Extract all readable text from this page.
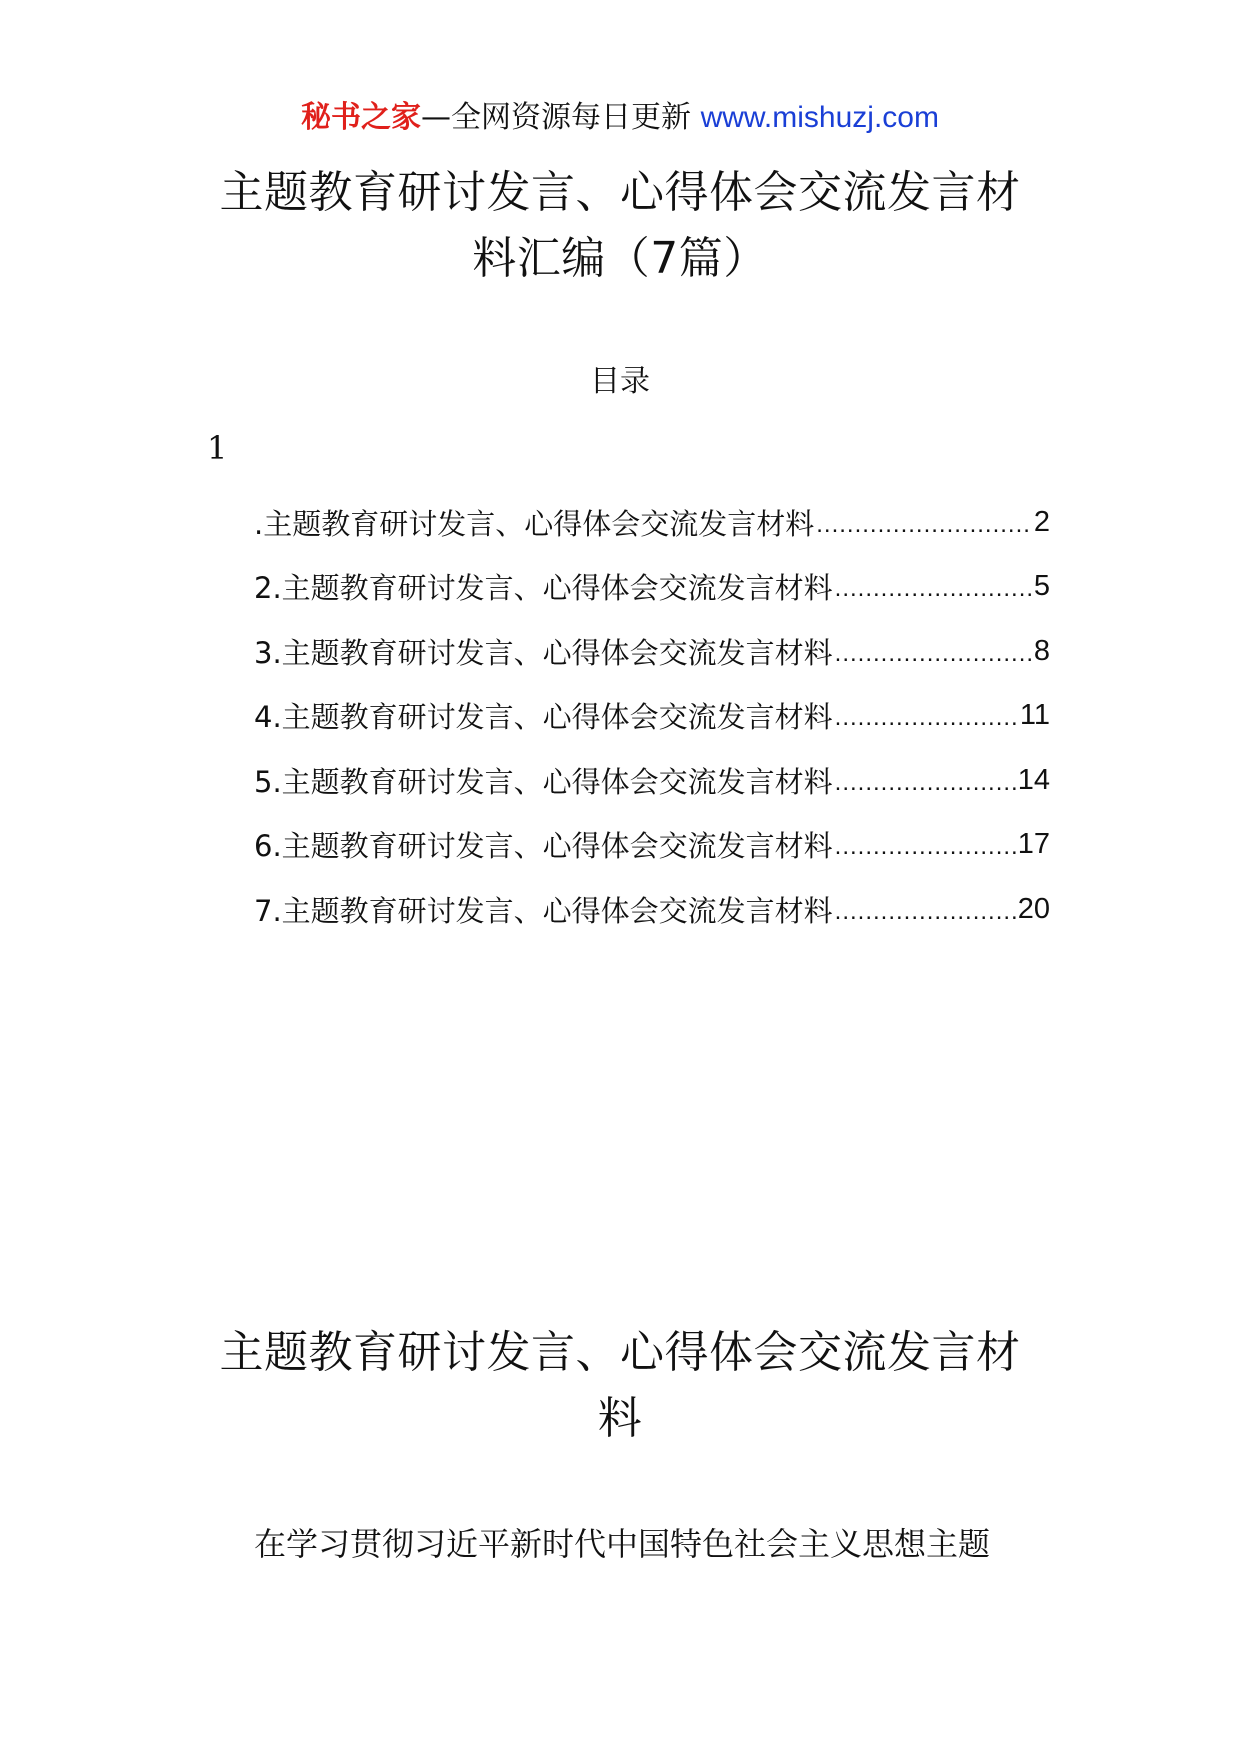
秘书之家—全网资源每日更新 www.mishuzj.com
主题教育研讨发言、心得体会交流发言材
料汇编（7篇）
目录
1
.主题教育研讨发言、心得体会交流发言材料 .....	2
2.主题教育研讨发言、心得体会交流发言材料 .....	5
3.主题教育研讨发言、心得体会交流发言材料 .....	8
4.主题教育研讨发言、心得体会交流发言材料 .....	11
5.主题教育研讨发言、心得体会交流发言材料 .....	14
6.主题教育研讨发言、心得体会交流发言材料 .....	17
7.主题教育研讨发言、心得体会交流发言材料 .....	20
主题教育研讨发言、心得体会交流发言材
料
在学习贯彻习近平新时代中国特色社会主义思想主题
